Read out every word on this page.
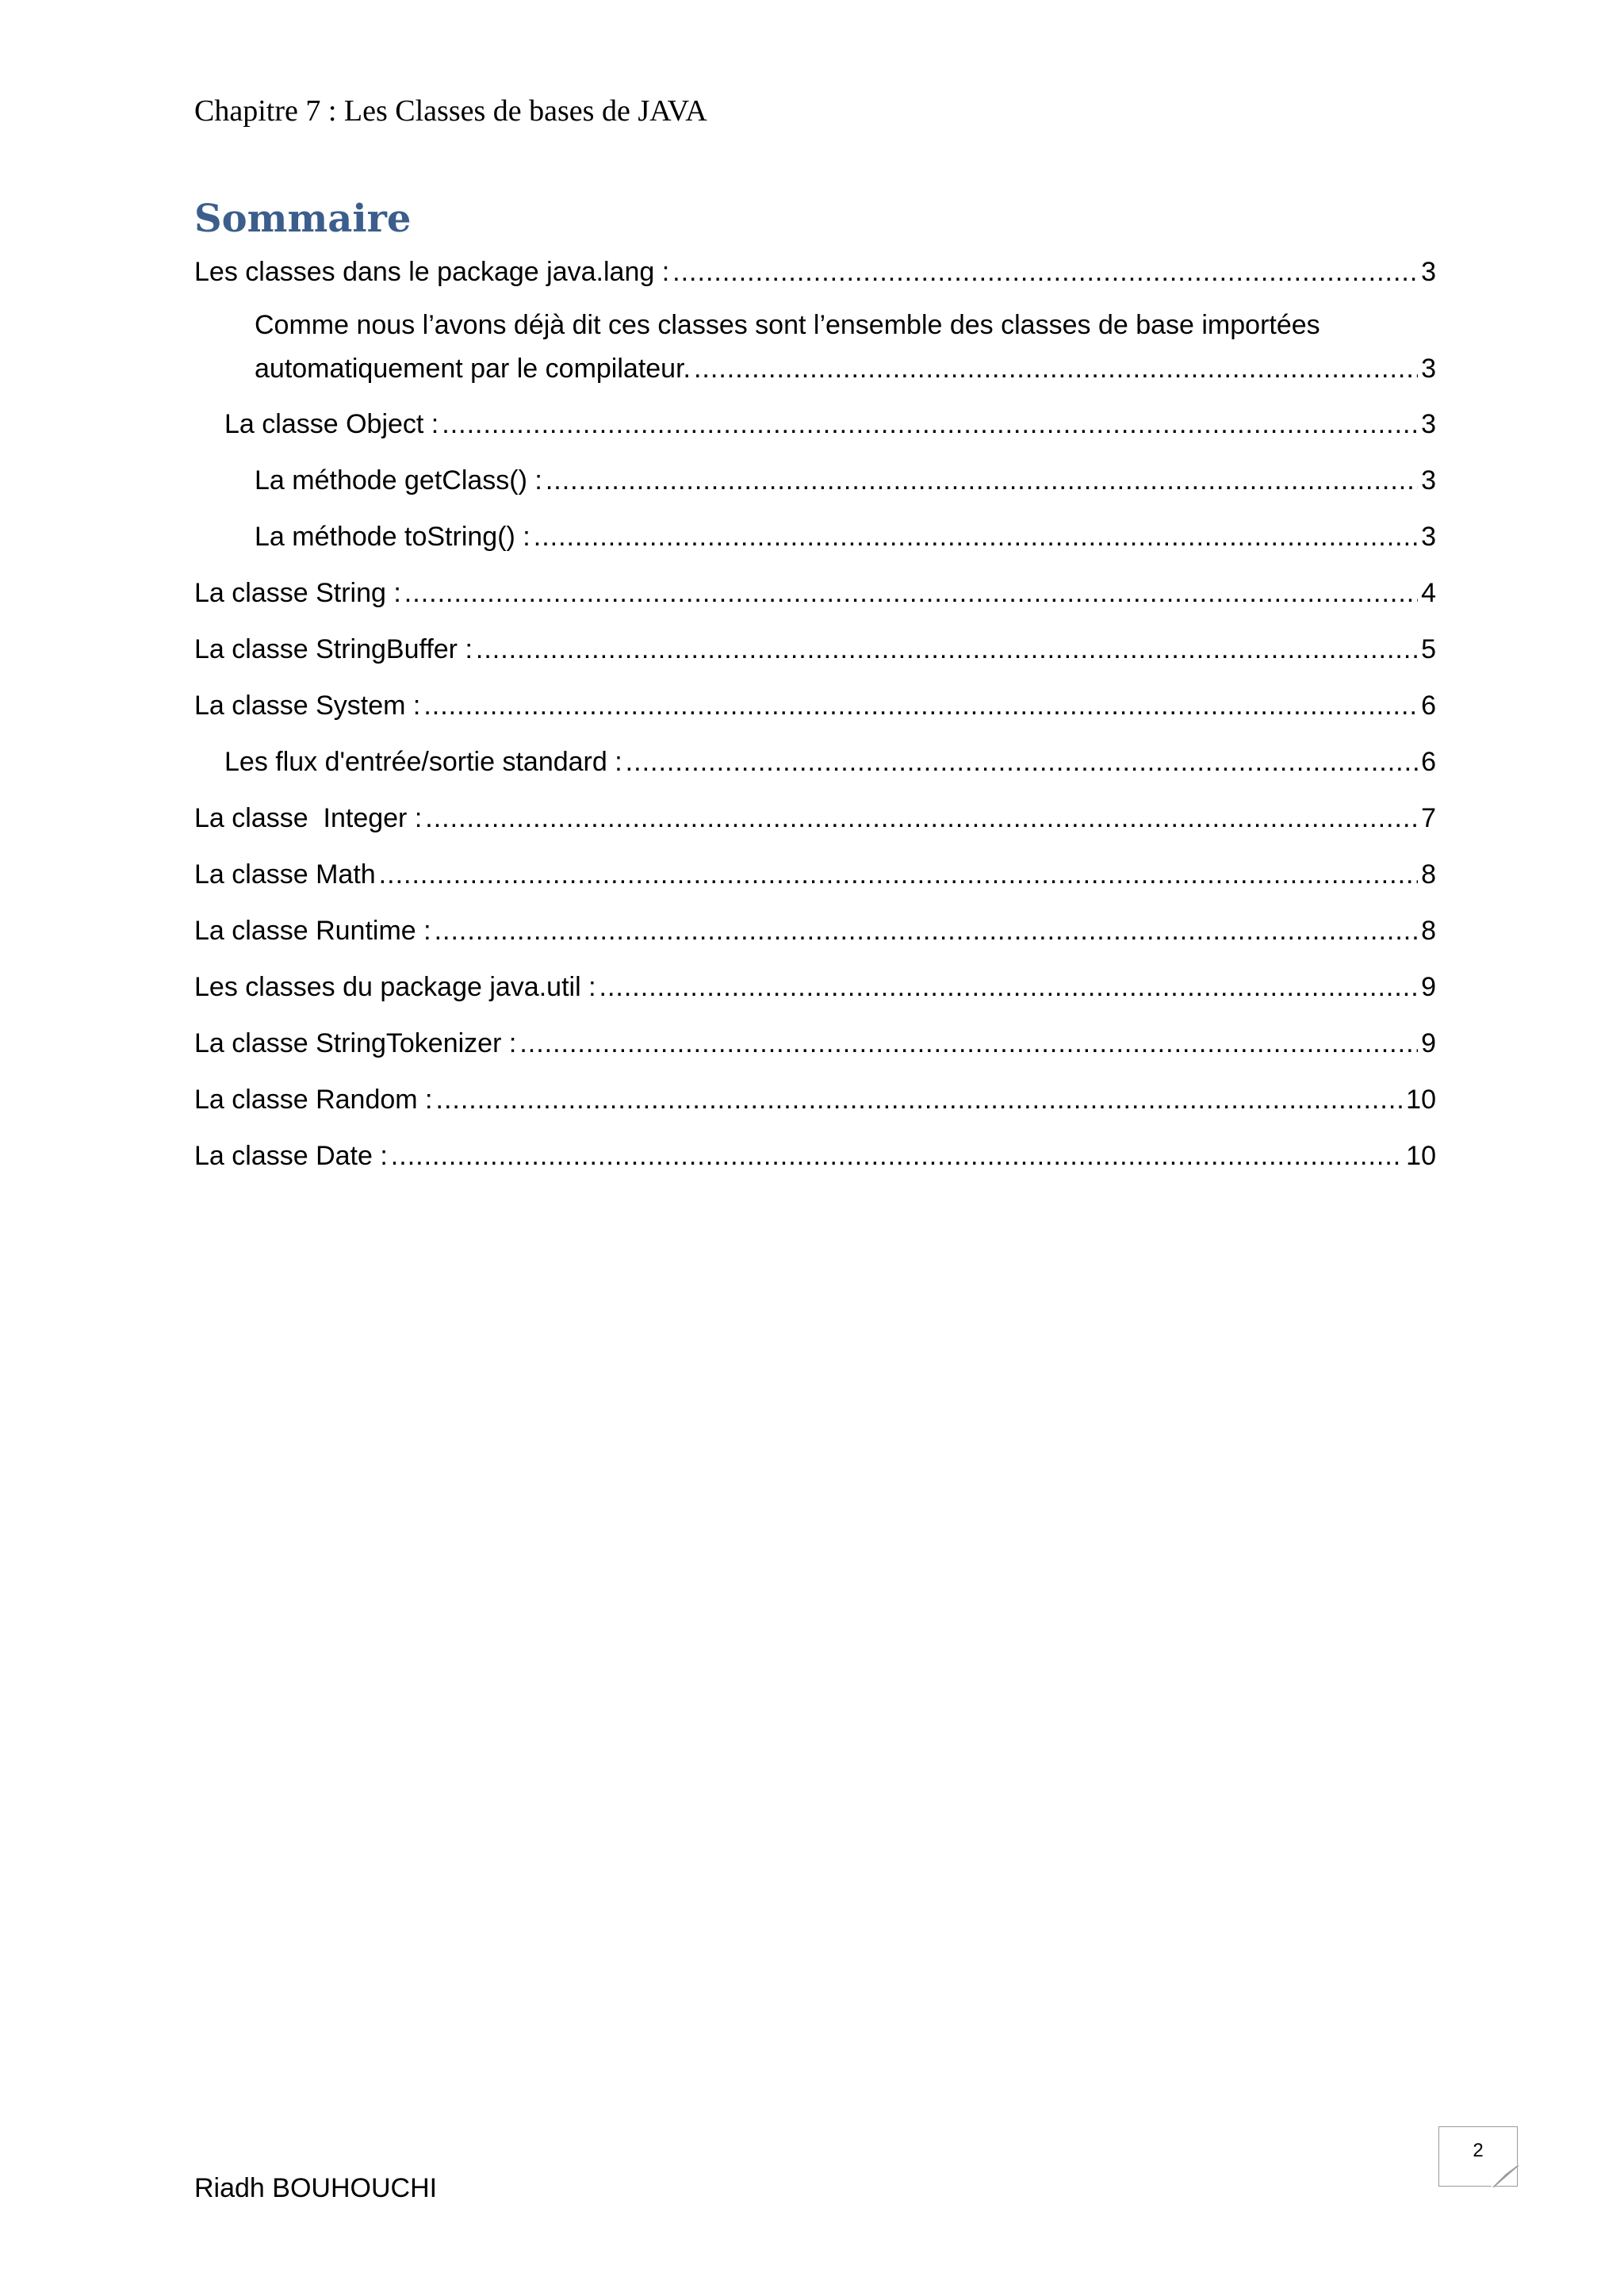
Chapitre 7 : Les Classes de bases de JAVA
Sommaire
Les classes dans le package java.lang : .....	3
Comme nous l’avons déjà dit ces classes sont l’ensemble des classes de base importées
automatiquement par le compilateur. .....	3
La classe Object : .....	3
La méthode getClass() : .....	3
La méthode toString() : .....	3
La classe String : .....	4
La classe StringBuffer : .....	5
La classe System : .....	6
Les flux d'entrée/sortie standard : .....	6
La classe  Integer : .....	7
La classe Math .....	8
La classe Runtime : .....	8
Les classes du package java.util : .....	9
La classe StringTokenizer : .....	9
La classe Random : .....	10
La classe Date : .....	10
2
Riadh BOUHOUCHI
